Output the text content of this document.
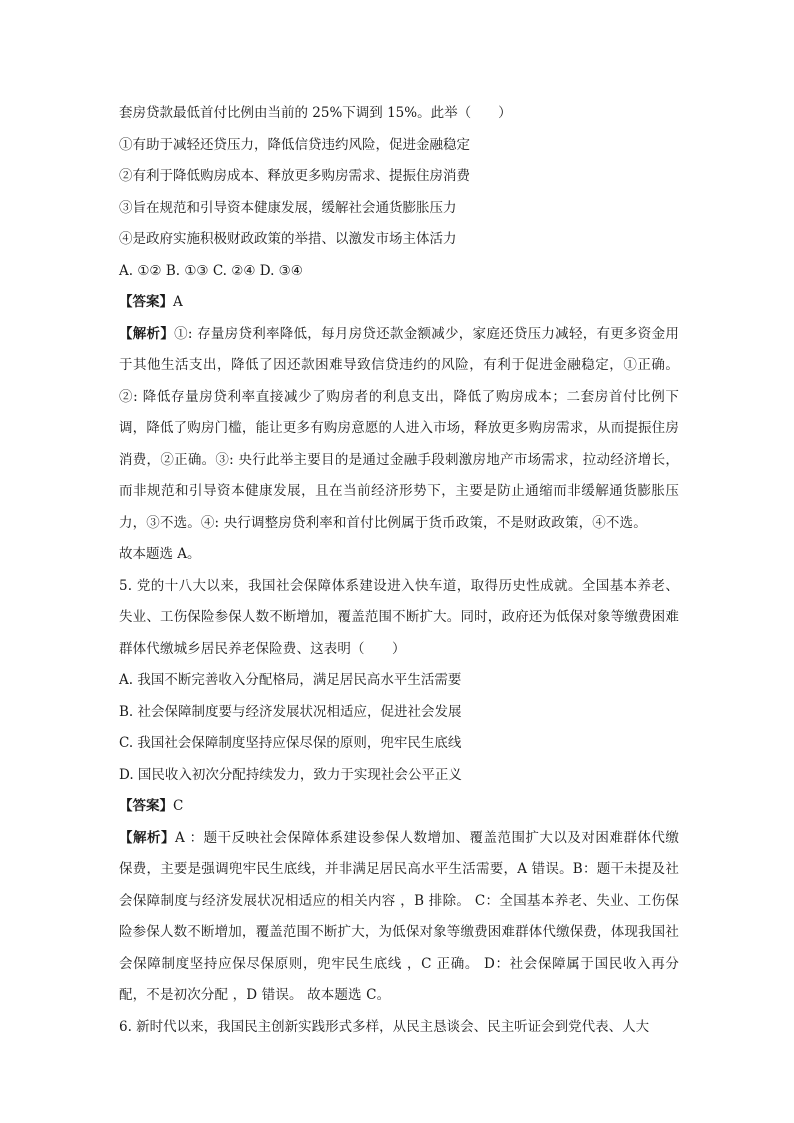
套房贷款最低首付比例由当前的 25%下调到 15%。此举（　　）
①有助于减轻还贷压力，降低信贷违约风险，促进金融稳定
②有利于降低购房成本、释放更多购房需求、提振住房消费
③旨在规范和引导资本健康发展，缓解社会通货膨胀压力
④是政府实施积极财政政策的举措、以激发市场主体活力
A. ①② B. ①③ C. ②④ D. ③④
【答案】A
【解析】①: 存量房贷利率降低，每月房贷还款金额减少，家庭还贷压力减轻，有更多资金用于其他生活支出，降低了因还款困难导致信贷违约的风险，有利于促进金融稳定，①正确。②: 降低存量房贷利率直接减少了购房者的利息支出，降低了购房成本；二套房首付比例下调，降低了购房门槛，能让更多有购房意愿的人进入市场，释放更多购房需求，从而提振住房消费，②正确。③: 央行此举主要目的是通过金融手段刺激房地产市场需求，拉动经济增长，而非规范和引导资本健康发展，且在当前经济形势下，主要是防止通缩而非缓解通货膨胀压力，③不选。④: 央行调整房贷利率和首付比例属于货币政策，不是财政政策，④不选。
故本题选 A。
5. 党的十八大以来，我国社会保障体系建设进入快车道，取得历史性成就。全国基本养老、失业、工伤保险参保人数不断增加，覆盖范围不断扩大。同时，政府还为低保对象等缴费困难群体代缴城乡居民养老保险费、这表明（　　）
A. 我国不断完善收入分配格局，满足居民高水平生活需要
B. 社会保障制度要与经济发展状况相适应，促进社会发展
C. 我国社会保障制度坚持应保尽保的原则，兜牢民生底线
D. 国民收入初次分配持续发力，致力于实现社会公平正义
【答案】C
【解析】A ：题干反映社会保障体系建设参保人数增加、覆盖范围扩大以及对困难群体代缴保费，主要是强调兜牢民生底线，并非满足居民高水平生活需要，A 错误。B：题干未提及社会保障制度与经济发展状况相适应的相关内容 ，B 排除。 C：全国基本养老、失业、工伤保险参保人数不断增加，覆盖范围不断扩大，为低保对象等缴费困难群体代缴保费，体现我国社会保障制度坚持应保尽保原则，兜牢民生底线 ，C 正确。 D：社会保障属于国民收入再分配，不是初次分配 ，D 错误。 故本题选 C。
6. 新时代以来，我国民主创新实践形式多样，从民主恳谈会、民主听证会到党代表、人大
